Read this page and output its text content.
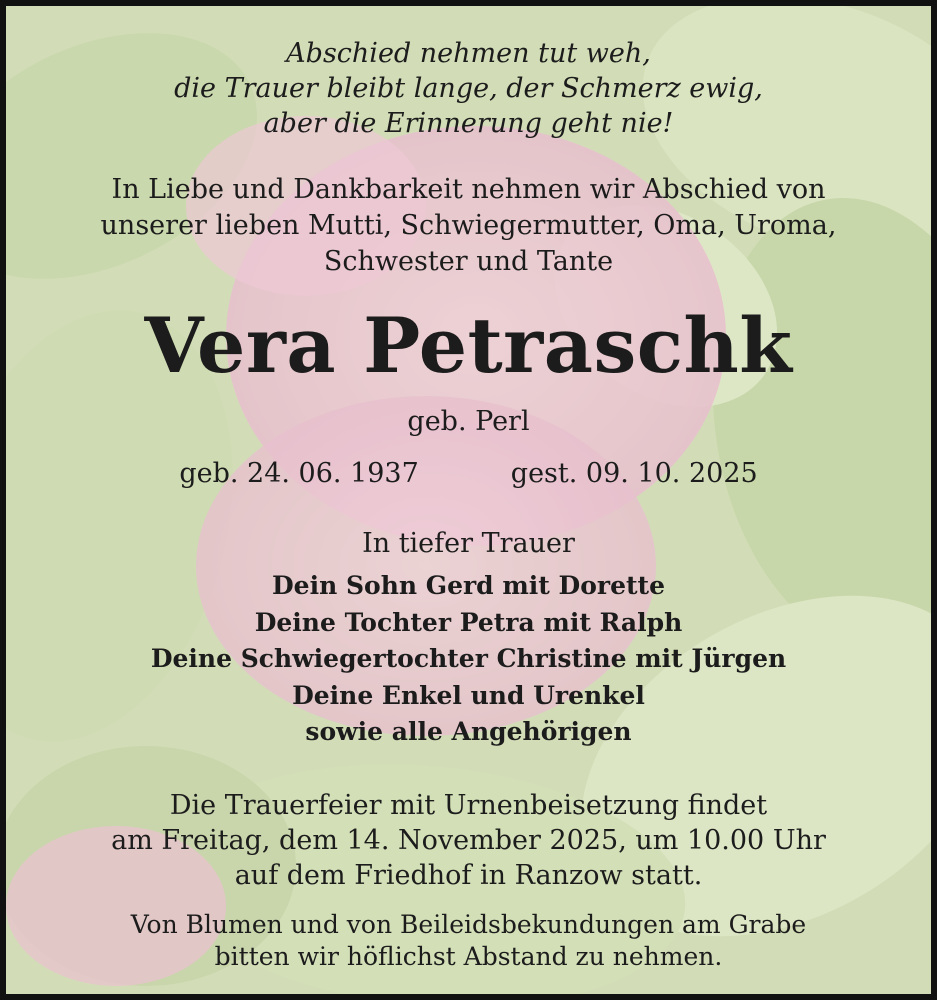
Abschied nehmen tut weh,
die Trauer bleibt lange, der Schmerz ewig,
aber die Erinnerung geht nie!
In Liebe und Dankbarkeit nehmen wir Abschied von
unserer lieben Mutti, Schwiegermutter, Oma, Uroma,
Schwester und Tante
Vera Petraschk
geb. Perl
geb. 24. 06. 1937	gest. 09. 10. 2025
In tiefer Trauer
Dein Sohn Gerd mit Dorette
Deine Tochter Petra mit Ralph
Deine Schwiegertochter Christine mit Jürgen
Deine Enkel und Urenkel
sowie alle Angehörigen
Die Trauerfeier mit Urnenbeisetzung findet
am Freitag, dem 14. November 2025, um 10.00 Uhr
auf dem Friedhof in Ranzow statt.
Von Blumen und von Beileidsbekundungen am Grabe
bitten wir höflichst Abstand zu nehmen.
